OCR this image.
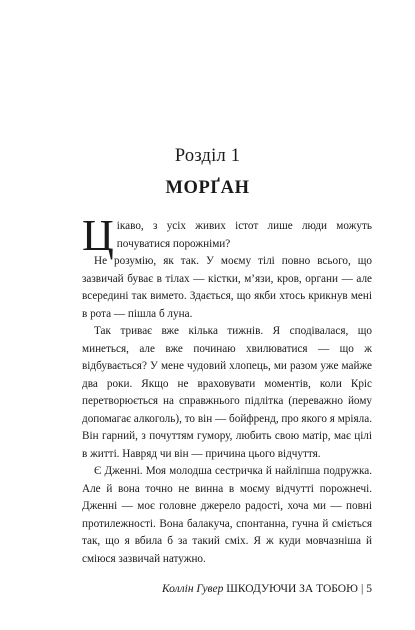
Розділ 1
МОРҐАН

Цікаво, з усіх живих істот лише люди можуть почуватися порожніми?

Не розумію, як так. У моєму тілі повно всього, що зазвичай буває в тілах — кістки, м’язи, кров, органи — але всередині так вимето. Здається, що якби хтось крикнув мені в рота — пішла б луна.

Так триває вже кілька тижнів. Я сподівалася, що минеться, але вже починаю хвилюватися — що ж відбувається? У мене чудовий хлопець, ми разом уже майже два роки. Якщо не враховувати моментів, коли Кріс перетворюється на справжнього підлітка (переважно йому допомагає алкоголь), то він — бойфренд, про якого я мріяла. Він гарний, з почуттям гумору, любить свою матір, має цілі в житті. Навряд чи він — причина цього відчуття.

Є Дженні. Моя молодша сестричка й найліпша подружка. Але й вона точно не винна в моєму відчутті порожнечі. Дженні — моє головне джерело радості, хоча ми — повні протилежності. Вона балакуча, спонтанна, гучна й сміється так, що я вбила б за такий сміх. Я ж куди мовчазніша й сміюся зазвичай натужно.

Коллін Гувер ШКОДУЮЧИ ЗА ТОБОЮ | 5
